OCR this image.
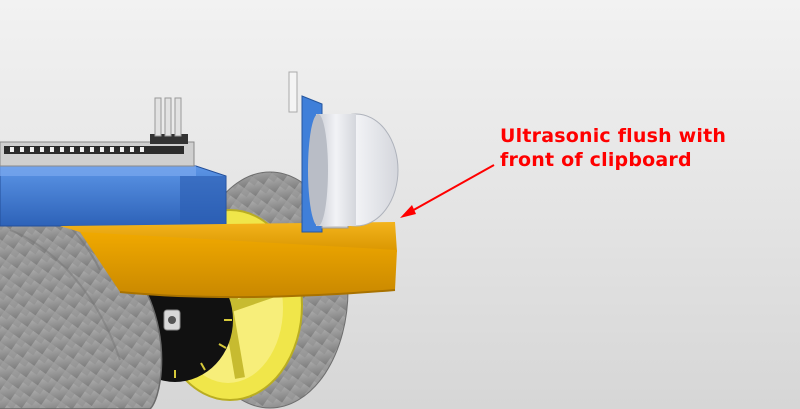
Ultrasonic flush with
front of clipboard
